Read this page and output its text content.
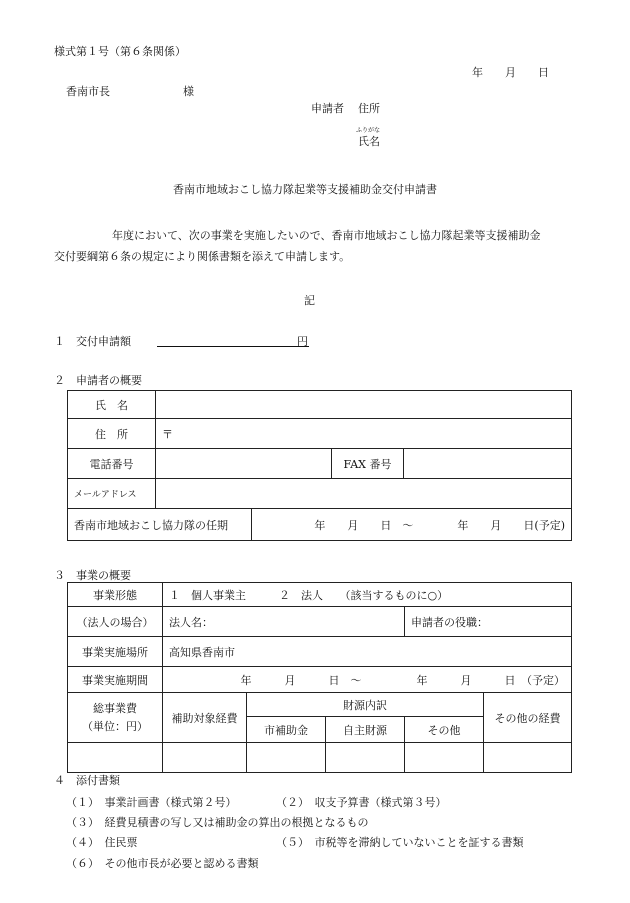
様式第１号（第６条関係）
年　　月　　日
香南市長	様
申請者 住所
ふりがな
氏名
香南市地域おこし協力隊起業等支援補助金交付申請書
年度において、次の事業を実施したいので、香南市地域おこし協力隊起業等支援補助金
交付要綱第６条の規定により関係書類を添えて申請します。
記
１　交付申請額	円
２　申請者の概要
氏　名				
住　所	〒			
電話番号			FAX 番号	
メールアドレス				
香南市地域おこし協力隊の任期		年　　月　　日　～　　　　年　　月　　日(予定)		
３　事業の概要
事業形態	１　個人事業主　　　２　法人　　（該当するものに○）				
（法人の場合）	法人名：			申請者の役職：	
事業実施場所	高知県香南市				
事業実施期間	年　　　月　　　日　～　　　　　年　　　月　　　日　（予定）				

総事業費
（単位：円）	補助対象経費	財源内訳			その他の経費
		市補助金	自主財源	その他	

４　添付書類
（１）　事業計画書（様式第２号）	（２）　収支予算書（様式第３号）
（３）　経費見積書の写し又は補助金の算出の根拠となるもの
（４）　住民票	（５）　市税等を滞納していないことを証する書類
（６）　その他市長が必要と認める書類
